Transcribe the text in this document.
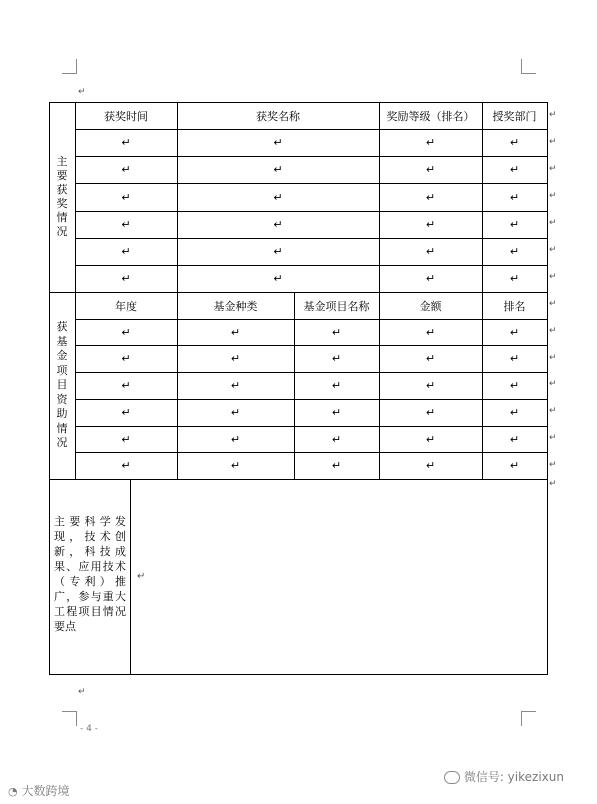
↵
主
要
获
奖
情
况
获奖时间	获奖名称	奖励等级（排名）	授奖部门
↵	↵	↵	↵
↵	↵	↵	↵
↵	↵	↵	↵
↵	↵	↵	↵
↵	↵	↵	↵
↵	↵	↵	↵
获
基
金
项
目
资
助
情
况
年度	基金种类	基金项目名称	金额	排名
↵	↵	↵	↵	↵
↵	↵	↵	↵	↵
↵	↵	↵	↵	↵
↵	↵	↵	↵	↵
↵	↵	↵	↵	↵
↵	↵	↵	↵	↵
主要科学发现，技术创新，科技成果、应用技术（专利）推广，参与重大工程项目情况要点
↵
↵
↵
↵
↵
↵
↵
↵
↵
↵
↵
↵
↵
↵
↵
↵
↵
- 4 -
◔ 大数跨境
微信号: yikezixun
